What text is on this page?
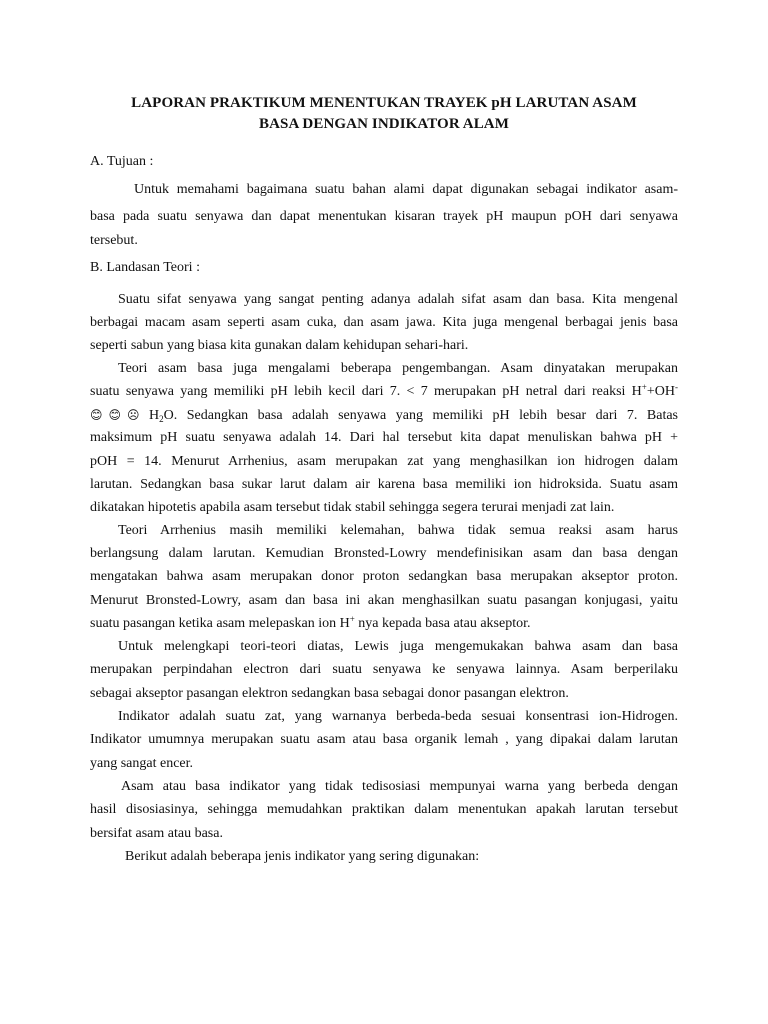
LAPORAN PRAKTIKUM MENENTUKAN TRAYEK pH LARUTAN ASAM
BASA DENGAN INDIKATOR ALAM
A. Tujuan :
Untuk memahami bagaimana suatu bahan alami dapat digunakan sebagai indikator asam-
basa pada suatu senyawa dan dapat menentukan kisaran trayek pH maupun pOH dari senyawa
tersebut.
B. Landasan Teori :
Suatu sifat senyawa yang sangat penting adanya adalah sifat asam dan basa. Kita mengenal
berbagai macam asam seperti asam cuka, dan asam jawa. Kita juga mengenal berbagai jenis basa
seperti sabun yang biasa kita gunakan dalam kehidupan sehari-hari.
Teori asam basa juga mengalami beberapa pengembangan. Asam dinyatakan merupakan
suatu senyawa yang memiliki pH lebih kecil dari 7. < 7 merupakan pH netral dari reaksi H++OH-
😊😊☹ $H_2O$. Sedangkan basa adalah senyawa yang memiliki pH lebih besar dari 7. Batas
maksimum pH suatu senyawa adalah 14. Dari hal tersebut kita dapat menuliskan bahwa pH +
pOH = 14. Menurut Arrhenius, asam merupakan zat yang menghasilkan ion hidrogen dalam
larutan. Sedangkan basa sukar larut dalam air karena basa memiliki ion hidroksida. Suatu asam
dikatakan hipotetis apabila asam tersebut tidak stabil sehingga segera terurai menjadi zat lain.
Teori Arrhenius masih memiliki kelemahan, bahwa tidak semua reaksi asam harus
berlangsung dalam larutan. Kemudian Bronsted-Lowry mendefinisikan asam dan basa dengan
mengatakan bahwa asam merupakan donor proton sedangkan basa merupakan akseptor proton.
Menurut Bronsted-Lowry, asam dan basa ini akan menghasilkan suatu pasangan konjugasi, yaitu
suatu pasangan ketika asam melepaskan ion H+ nya kepada basa atau akseptor.
Untuk melengkapi teori-teori diatas, Lewis juga mengemukakan bahwa asam dan basa
merupakan perpindahan electron dari suatu senyawa ke senyawa lainnya. Asam berperilaku
sebagai akseptor pasangan elektron sedangkan basa sebagai donor pasangan elektron.
Indikator adalah suatu zat, yang warnanya berbeda-beda sesuai konsentrasi ion-Hidrogen.
Indikator umumnya merupakan suatu asam atau basa organik lemah , yang dipakai dalam larutan
yang sangat encer.
Asam atau basa indikator yang tidak tedisosiasi mempunyai warna yang berbeda dengan
hasil disosiasinya, sehingga memudahkan praktikan dalam menentukan apakah larutan tersebut
bersifat asam atau basa.
Berikut adalah beberapa jenis indikator yang sering digunakan:
